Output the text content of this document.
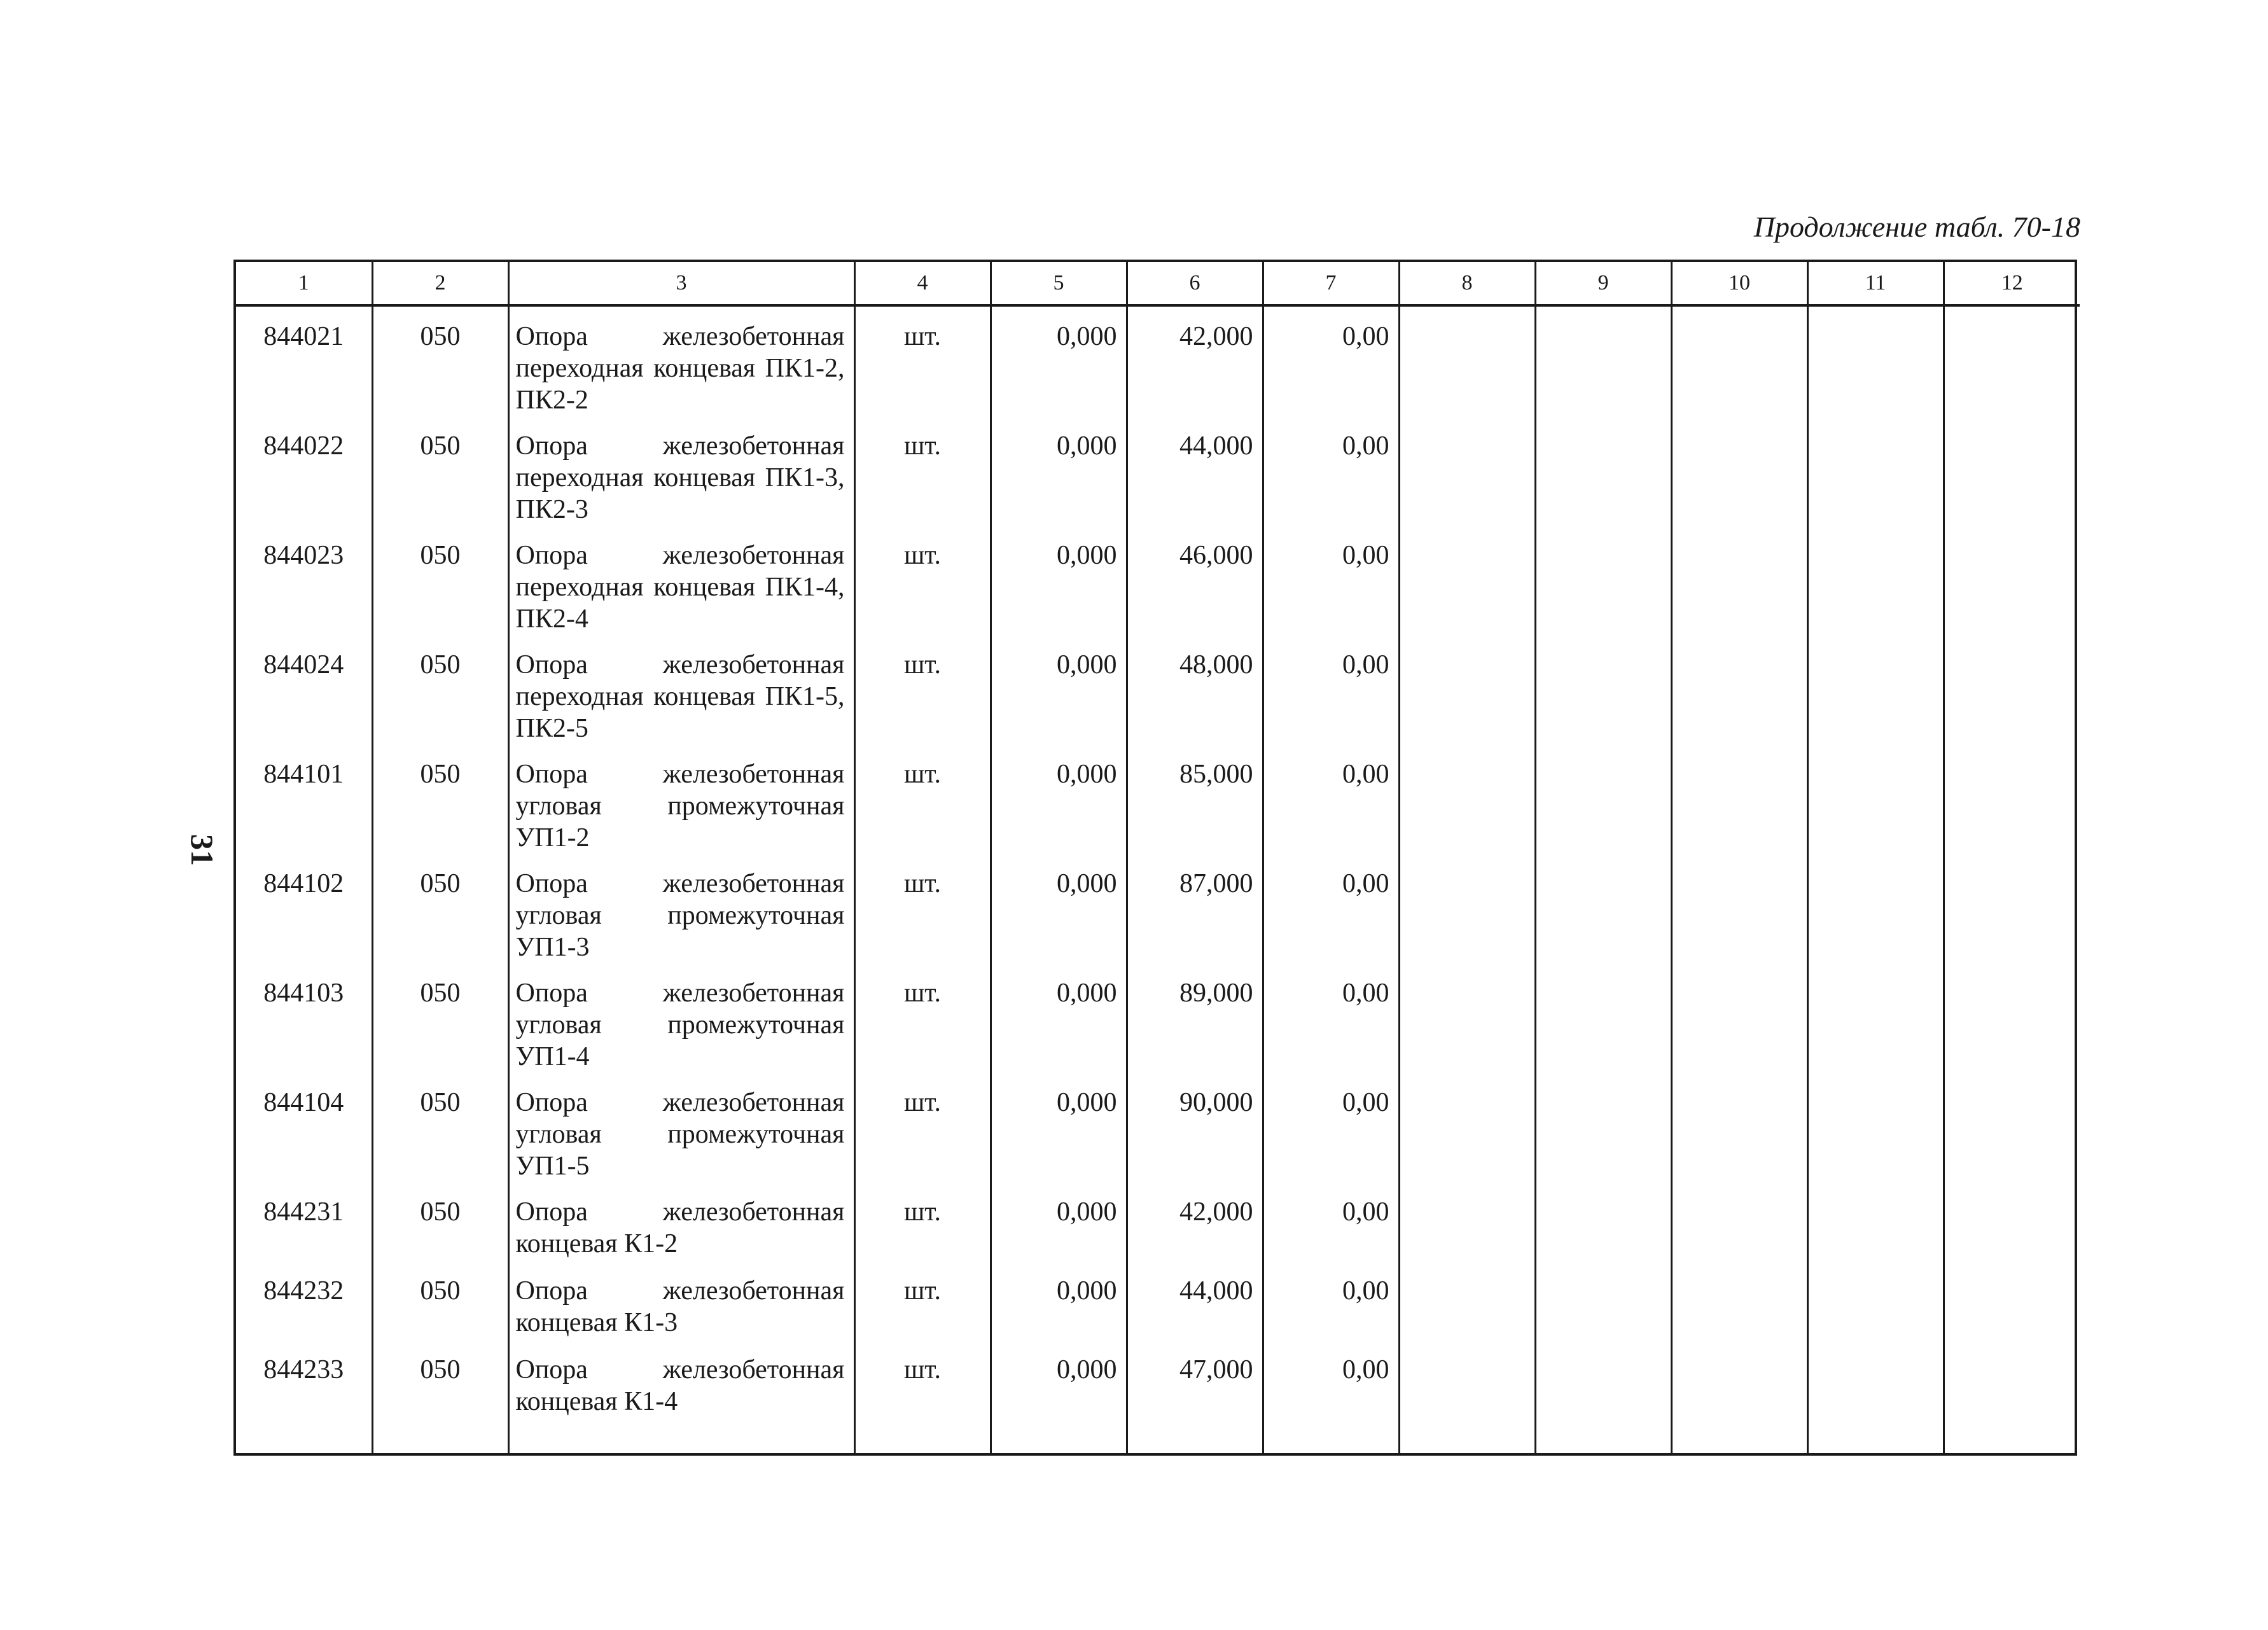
Продолжение табл. 70-18
31
1	2	3	4	5	6	7	8	9	10	11	12
844021	050	Опора железобетонная переходная концевая ПК1-2, ПК2-2	шт.	0,000	42,000	0,00					
844022	050	Опора железобетонная переходная концевая ПК1-3, ПК2-3	шт.	0,000	44,000	0,00					
844023	050	Опора железобетонная переходная концевая ПК1-4, ПК2-4	шт.	0,000	46,000	0,00					
844024	050	Опора железобетонная переходная концевая ПК1-5, ПК2-5	шт.	0,000	48,000	0,00					
844101	050	Опора железобетонная угловая промежуточная УП1-2	шт.	0,000	85,000	0,00					
844102	050	Опора железобетонная угловая промежуточная УП1-3	шт.	0,000	87,000	0,00					
844103	050	Опора железобетонная угловая промежуточная УП1-4	шт.	0,000	89,000	0,00					
844104	050	Опора железобетонная угловая промежуточная УП1-5	шт.	0,000	90,000	0,00					
844231	050	Опора железобетонная концевая К1-2	шт.	0,000	42,000	0,00					
844232	050	Опора железобетонная концевая К1-3	шт.	0,000	44,000	0,00					
844233	050	Опора железобетонная концевая К1-4	шт.	0,000	47,000	0,00					
